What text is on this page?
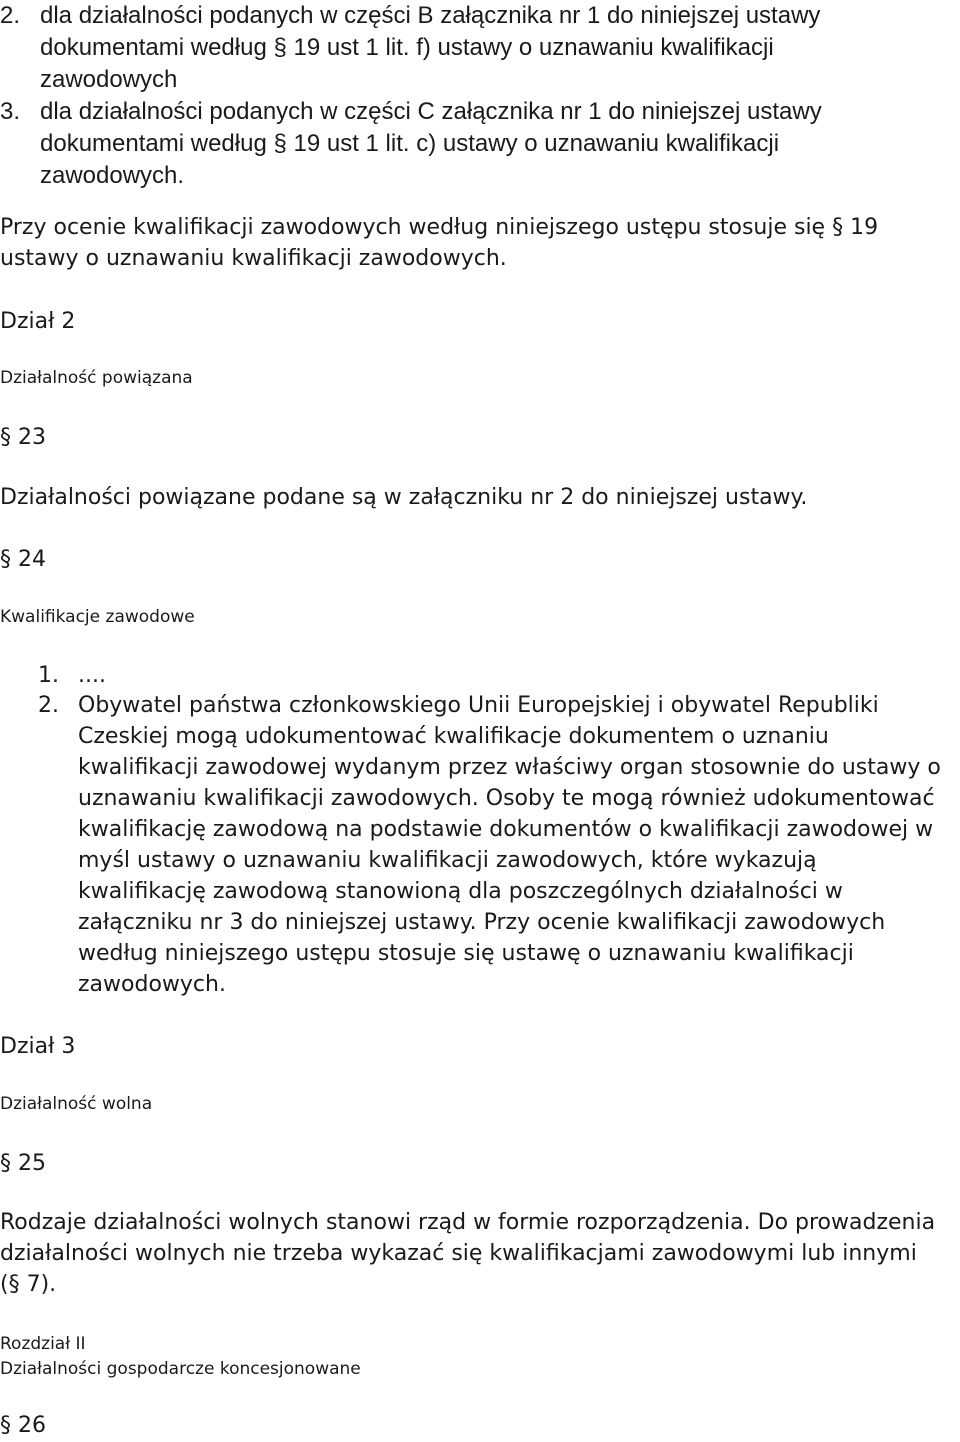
2. dla działalności podanych w części B załącznika nr 1 do niniejszej ustawy
dokumentami według § 19 ust 1 lit. f) ustawy o uznawaniu kwalifikacji
zawodowych
3. dla działalności podanych w części C załącznika nr 1 do niniejszej ustawy
dokumentami według § 19 ust 1 lit. c) ustawy o uznawaniu kwalifikacji
zawodowych.
Przy ocenie kwalifikacji zawodowych według niniejszego ustępu stosuje się § 19
ustawy o uznawaniu kwalifikacji zawodowych.
Dział 2
Działalność powiązana
§ 23
Działalności powiązane podane są w załączniku nr 2 do niniejszej ustawy.
§ 24
Kwalifikacje zawodowe
1. ....
2. Obywatel państwa członkowskiego Unii Europejskiej i obywatel Republiki
Czeskiej mogą udokumentować kwalifikacje dokumentem o uznaniu
kwalifikacji zawodowej wydanym przez właściwy organ stosownie do ustawy o
uznawaniu kwalifikacji zawodowych. Osoby te mogą również udokumentować
kwalifikację zawodową na podstawie dokumentów o kwalifikacji zawodowej w
myśl ustawy o uznawaniu kwalifikacji zawodowych, które wykazują
kwalifikację zawodową stanowioną dla poszczególnych działalności w
załączniku nr 3 do niniejszej ustawy. Przy ocenie kwalifikacji zawodowych
według niniejszego ustępu stosuje się ustawę o uznawaniu kwalifikacji
zawodowych.
Dział 3
Działalność wolna
§ 25
Rodzaje działalności wolnych stanowi rząd w formie rozporządzenia. Do prowadzenia
działalności wolnych nie trzeba wykazać się kwalifikacjami zawodowymi lub innymi
(§ 7).
Rozdział II
Działalności gospodarcze koncesjonowane
§ 26
